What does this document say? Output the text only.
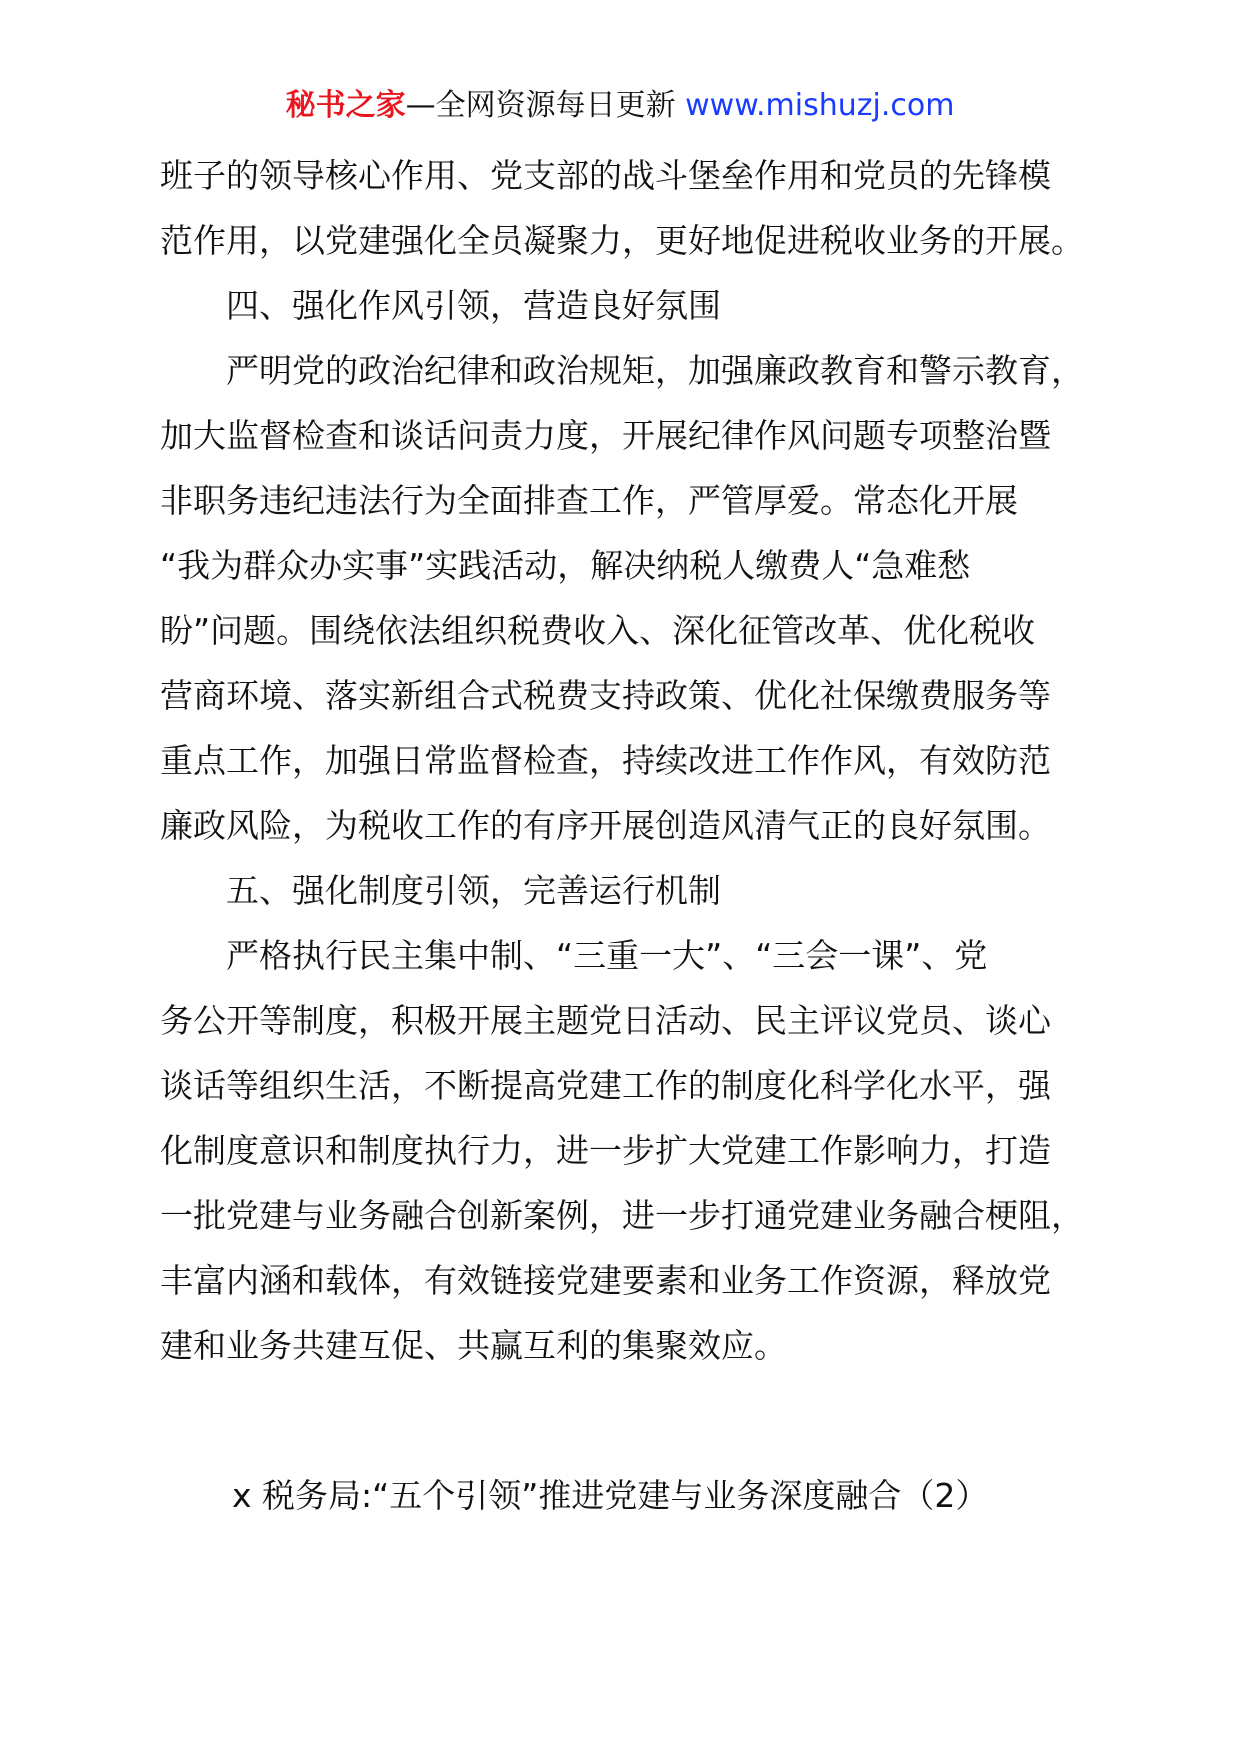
秘书之家—全网资源每日更新 www.mishuzj.com
班子的领导核心作用、党支部的战斗堡垒作用和党员的先锋模
范作用，以党建强化全员凝聚力，更好地促进税收业务的开展。
四、强化作风引领，营造良好氛围
严明党的政治纪律和政治规矩，加强廉政教育和警示教育，
加大监督检查和谈话问责力度，开展纪律作风问题专项整治暨
非职务违纪违法行为全面排查工作，严管厚爱。常态化开展
“我为群众办实事”实践活动，解决纳税人缴费人“急难愁
盼”问题。围绕依法组织税费收入、深化征管改革、优化税收
营商环境、落实新组合式税费支持政策、优化社保缴费服务等
重点工作，加强日常监督检查，持续改进工作作风，有效防范
廉政风险，为税收工作的有序开展创造风清气正的良好氛围。
五、强化制度引领，完善运行机制
严格执行民主集中制、“三重一大”、“三会一课”、党
务公开等制度，积极开展主题党日活动、民主评议党员、谈心
谈话等组织生活，不断提高党建工作的制度化科学化水平，强
化制度意识和制度执行力，进一步扩大党建工作影响力，打造
一批党建与业务融合创新案例，进一步打通党建业务融合梗阻，
丰富内涵和载体，有效链接党建要素和业务工作资源，释放党
建和业务共建互促、共赢互利的集聚效应。
x 税务局:“五个引领”推进党建与业务深度融合（2）
